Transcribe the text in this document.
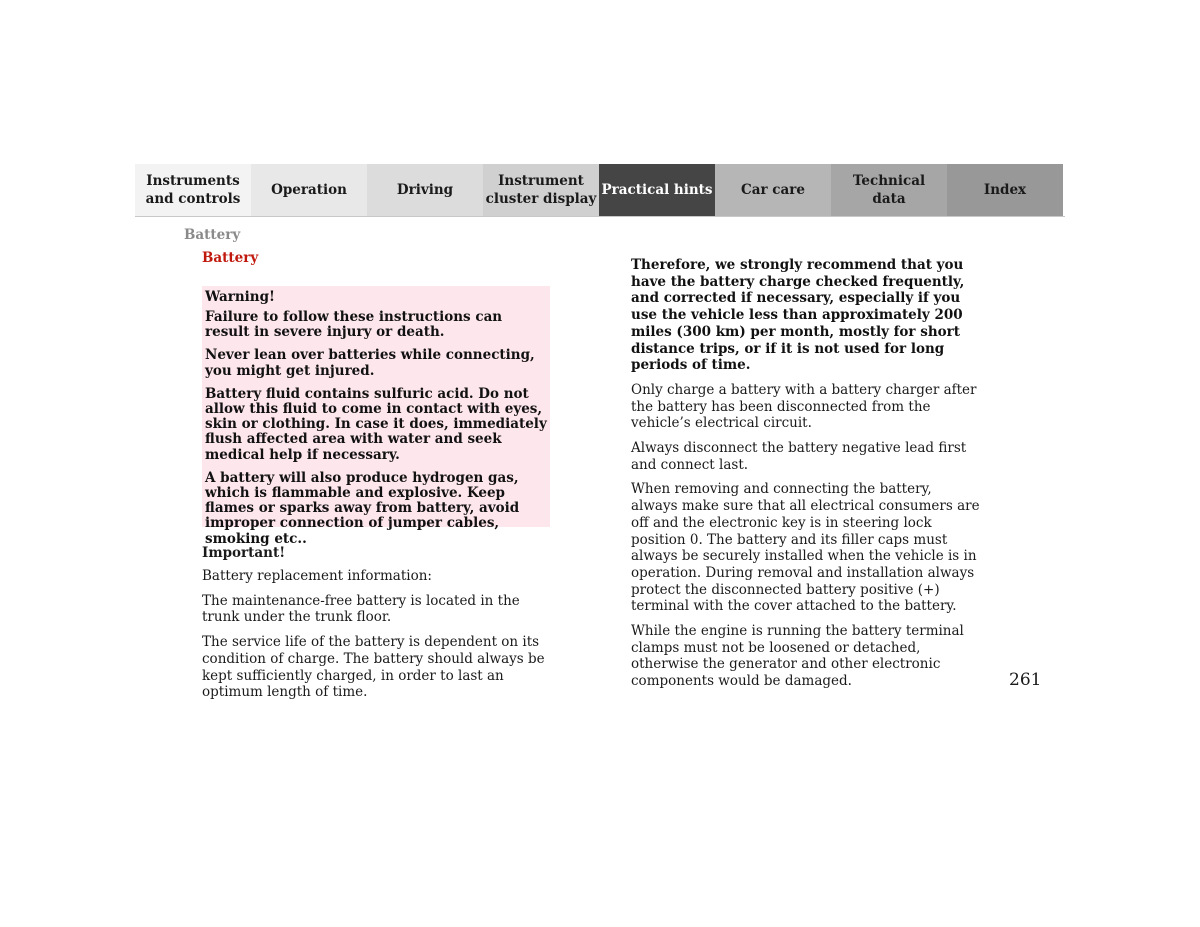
Instruments
and controls
Operation	Driving
Instrument
cluster display
Practical hints	Car care
Technical
data
Index
Battery
Battery

Warning!

Failure to follow these instructions can result in severe injury or death.

Never lean over batteries while connecting, you might get injured.

Battery fluid contains sulfuric acid. Do not allow this fluid to come in contact with eyes, skin or clothing. In case it does, immediately flush affected area with water and seek medical help if necessary.

A battery will also produce hydrogen gas, which is flammable and explosive. Keep flames or sparks away from battery, avoid improper connection of jumper cables, smoking etc..

Important!

Battery replacement information:

The maintenance-free battery is located in the trunk under the trunk floor.

The service life of the battery is dependent on its condition of charge. The battery should always be kept sufficiently charged, in order to last an optimum length of time.

Therefore, we strongly recommend that you have the battery charge checked frequently, and corrected if necessary, especially if you use the vehicle less than approximately 200 miles (300 km) per month, mostly for short distance trips, or if it is not used for long periods of time.

Only charge a battery with a battery charger after the battery has been disconnected from the vehicle’s electrical circuit.

Always disconnect the battery negative lead first and connect last.

When removing and connecting the battery, always make sure that all electrical consumers are off and the electronic key is in steering lock position 0. The battery and its filler caps must always be securely installed when the vehicle is in operation. During removal and installation always protect the disconnected battery positive (+) terminal with the cover attached to the battery.

While the engine is running the battery terminal clamps must not be loosened or detached, otherwise the generator and other electronic components would be damaged.	261
